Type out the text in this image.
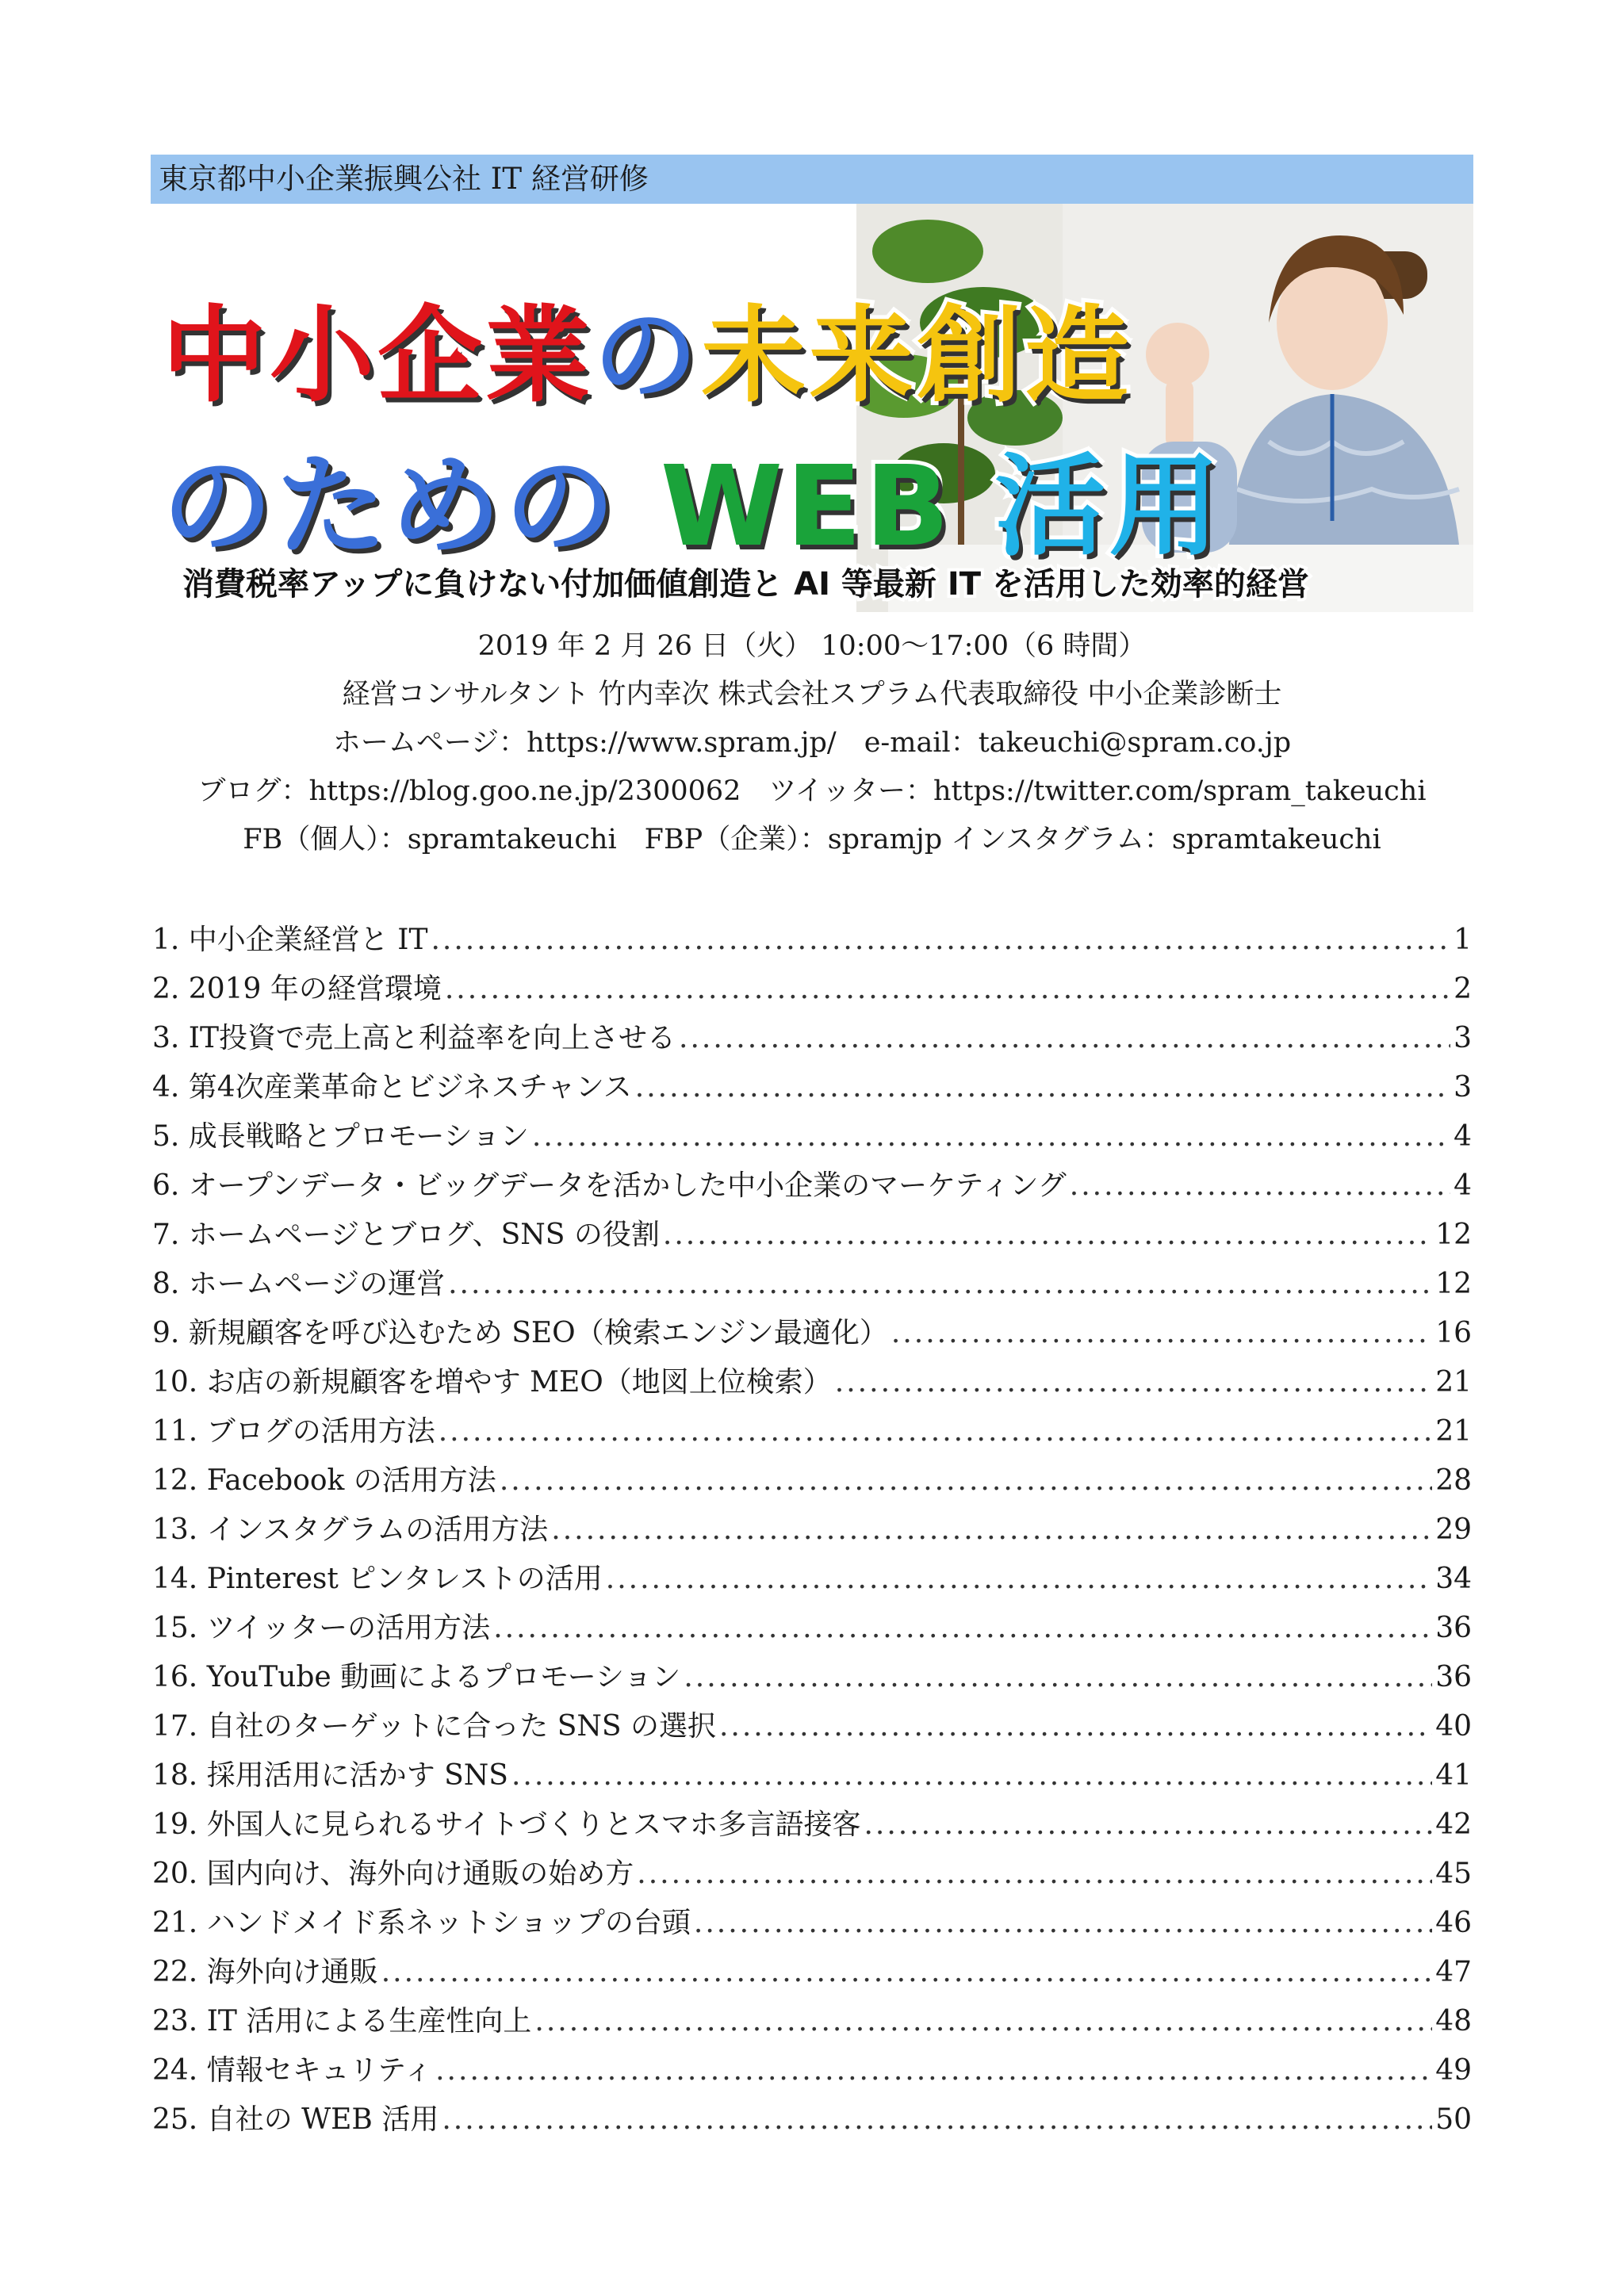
東京都中小企業振興公社 IT 経営研修
中小企業の未来創造
のための WEB 活用
消費税率アップに負けない付加価値創造と AI 等最新 IT を活用した効率的経営
2019 年 2 月 26 日（火） 10:00～17:00（6 時間）
経営コンサルタント 竹内幸次 株式会社スプラム代表取締役 中小企業診断士
ホームページ：https://www.spram.jp/　e-mail：takeuchi@spram.co.jp
ブログ：https://blog.goo.ne.jp/2300062　ツイッター：https://twitter.com/spram_takeuchi
FB（個人）：spramtakeuchi　FBP（企業）：spramjp インスタグラム：spramtakeuchi
1. 中小企業経営と IT .....	1
2. 2019 年の経営環境 .....	2
3. IT投資で売上高と利益率を向上させる .....	3
4. 第4次産業革命とビジネスチャンス .....	3
5. 成長戦略とプロモーション .....	4
6. オープンデータ・ビッグデータを活かした中小企業のマーケティング .....	4
7. ホームページとブログ、SNS の役割 .....	12
8. ホームページの運営 .....	12
9. 新規顧客を呼び込むため SEO（検索エンジン最適化） .....	16
10. お店の新規顧客を増やす MEO（地図上位検索） .....	21
11. ブログの活用方法 .....	21
12. Facebook の活用方法 .....	28
13. インスタグラムの活用方法 .....	29
14. Pinterest ピンタレストの活用 .....	34
15. ツイッターの活用方法 .....	36
16. YouTube 動画によるプロモーション .....	36
17. 自社のターゲットに合った SNS の選択 .....	40
18. 採用活用に活かす SNS .....	41
19. 外国人に見られるサイトづくりとスマホ多言語接客 .....	42
20. 国内向け、海外向け通販の始め方 .....	45
21. ハンドメイド系ネットショップの台頭 .....	46
22. 海外向け通販 .....	47
23. IT 活用による生産性向上 .....	48
24. 情報セキュリティ .....	49
25. 自社の WEB 活用 .....	50
